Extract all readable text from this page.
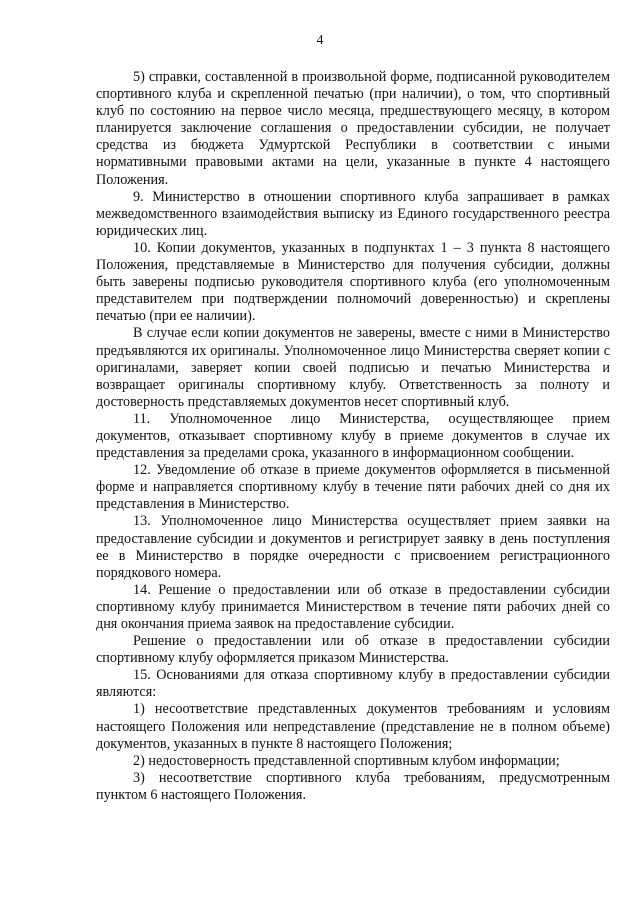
4

5) справки, составленной в произвольной форме, подписанной руководителем спортивного клуба и скрепленной печатью (при наличии), о том, что спортивный клуб по состоянию на первое число месяца, предшествующего месяцу, в котором планируется заключение соглашения о предоставлении субсидии, не получает средства из бюджета Удмуртской Республики в соответствии с иными нормативными правовыми актами на цели, указанные в пункте 4 настоящего Положения.

9. Министерство в отношении спортивного клуба запрашивает в рамках межведомственного взаимодействия выписку из Единого государственного реестра юридических лиц.

10. Копии документов, указанных в подпунктах 1 – 3 пункта 8 настоящего Положения, представляемые в Министерство для получения субсидии, должны быть заверены подписью руководителя спортивного клуба (его уполномоченным представителем при подтверждении полномочий доверенностью) и скреплены печатью (при ее наличии).

В случае если копии документов не заверены, вместе с ними в Министерство предъявляются их оригиналы. Уполномоченное лицо Министерства сверяет копии с оригиналами, заверяет копии своей подписью и печатью Министерства и возвращает оригиналы спортивному клубу. Ответственность за полноту и достоверность представляемых документов несет спортивный клуб.

11. Уполномоченное лицо Министерства, осуществляющее прием документов, отказывает спортивному клубу в приеме документов в случае их представления за пределами срока, указанного в информационном сообщении.

12. Уведомление об отказе в приеме документов оформляется в письменной форме и направляется спортивному клубу в течение пяти рабочих дней со дня их представления в Министерство.

13. Уполномоченное лицо Министерства осуществляет прием заявки на предоставление субсидии и документов и регистрирует заявку в день поступления ее в Министерство в порядке очередности с присвоением регистрационного порядкового номера.

14. Решение о предоставлении или об отказе в предоставлении субсидии спортивному клубу принимается Министерством в течение пяти рабочих дней со дня окончания приема заявок на предоставление субсидии.

Решение о предоставлении или об отказе в предоставлении субсидии спортивному клубу оформляется приказом Министерства.

15. Основаниями для отказа спортивному клубу в предоставлении субсидии являются:

1) несоответствие представленных документов требованиям и условиям настоящего Положения или непредставление (представление не в полном объеме) документов, указанных в пункте 8 настоящего Положения;

2) недостоверность представленной спортивным клубом информации;

3) несоответствие спортивного клуба требованиям, предусмотренным пунктом 6 настоящего Положения.
